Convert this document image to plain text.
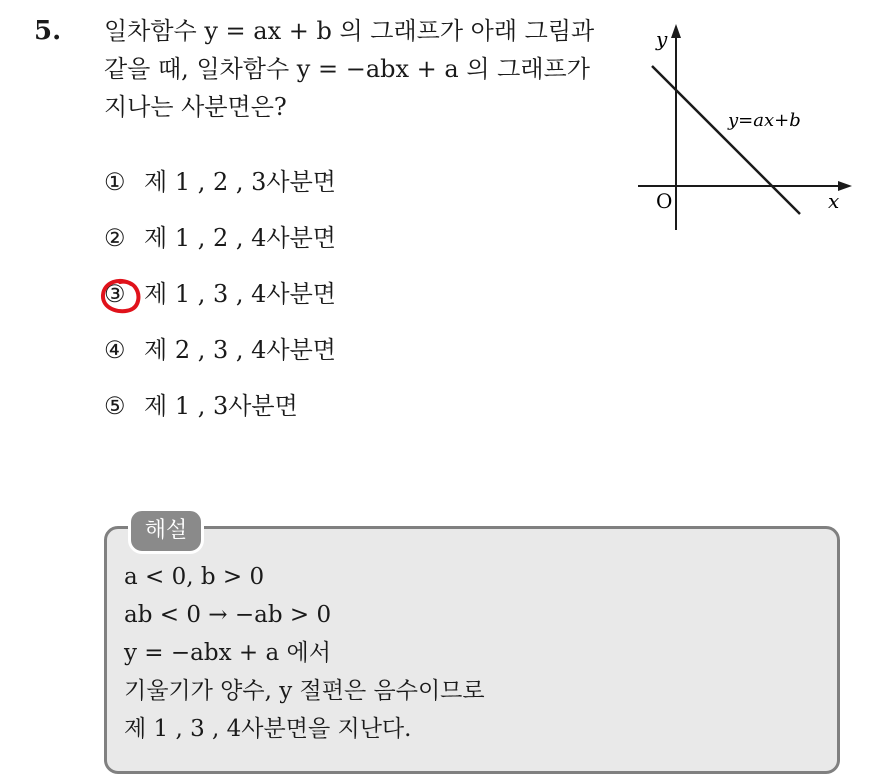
5. 일차함수 y = ax + b 의 그래프가 아래 그림과
같을 때, 일차함수 y = −abx + a 의 그래프가
지나는 사분면은?
y
O	x
y=ax+b
① 제 1 , 2 , 3사분면
② 제 1 , 2 , 4사분면
③ 제 1 , 3 , 4사분면
④ 제 2 , 3 , 4사분면
⑤ 제 1 , 3사분면
해설
a < 0, b > 0
ab < 0 → −ab > 0
y = −abx + a 에서
기울기가 양수, y 절편은 음수이므로
제 1 , 3 , 4사분면을 지난다.
